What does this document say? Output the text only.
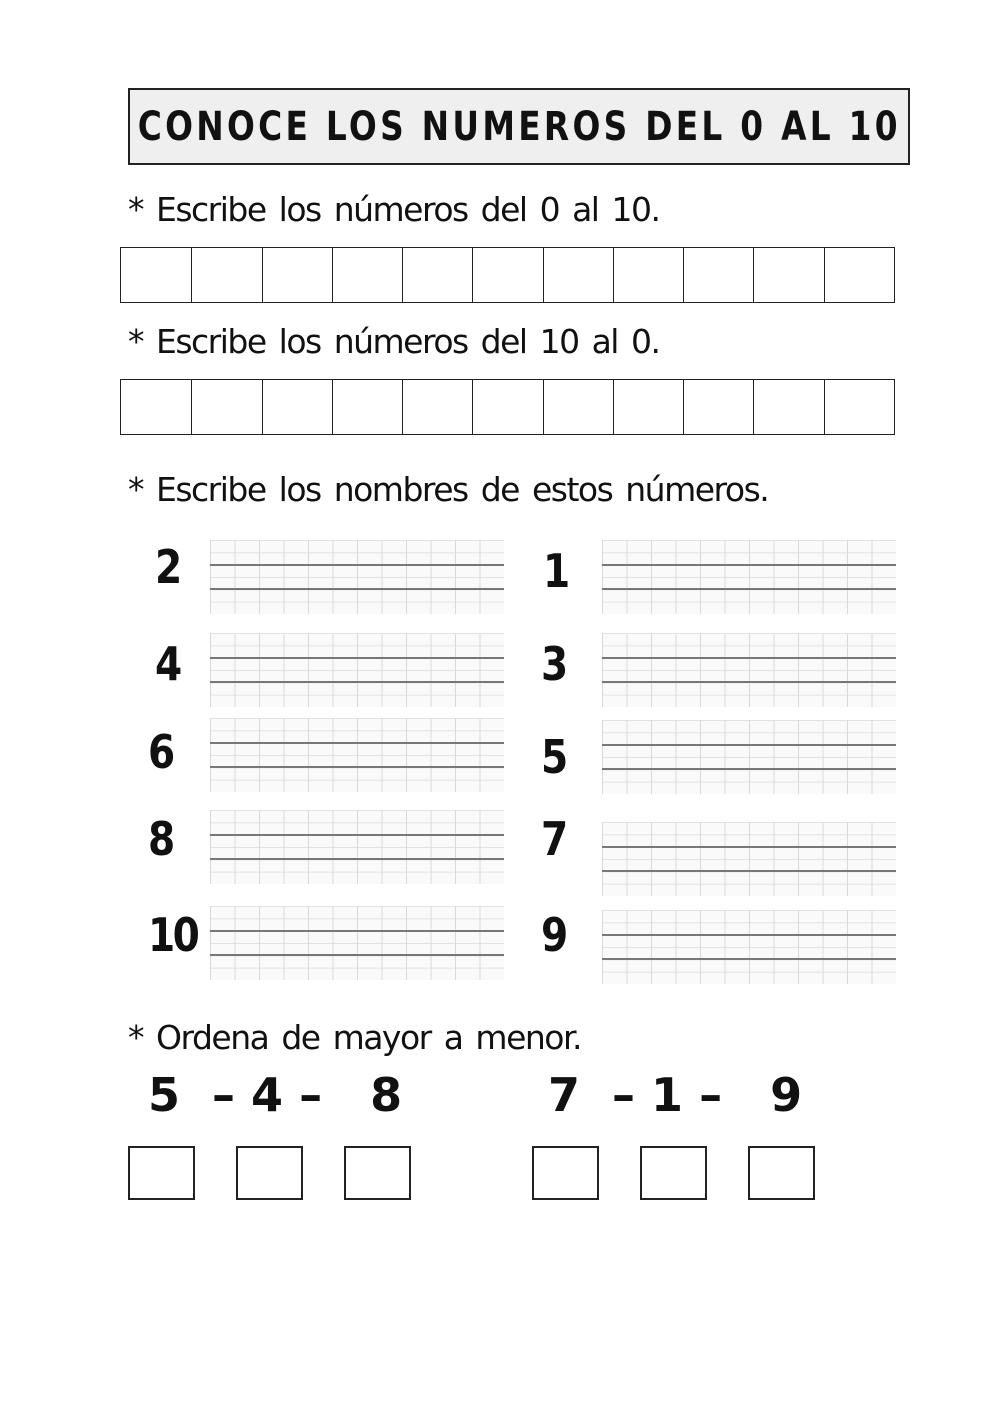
CONOCE LOS NUMEROS DEL 0 AL 10
* Escribe los números del 0 al 10.
* Escribe los números del 10 al 0.
* Escribe los nombres de estos números.
2
4
6
8
10
1
3
5
7
9
* Ordena de mayor a menor.
5  – 4 –   8	7  – 1 –   9
